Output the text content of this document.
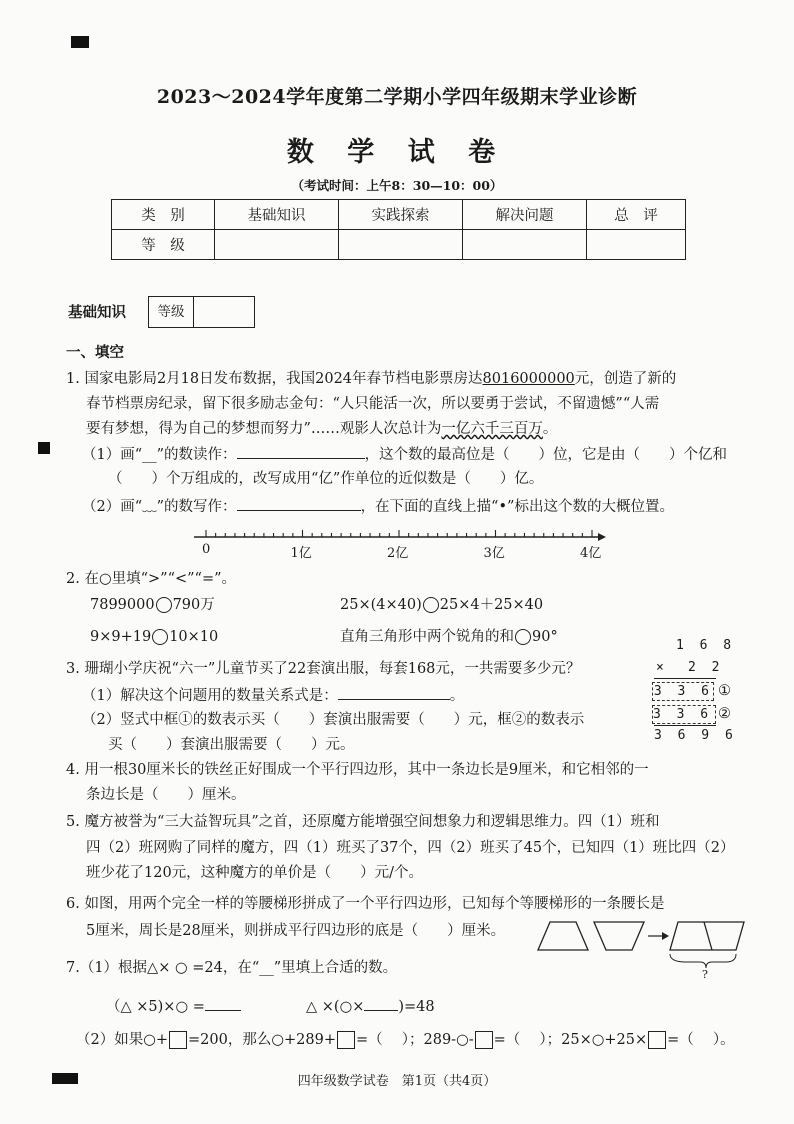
2023～2024学年度第二学期小学四年级期末学业诊断
数 学 试 卷
（考试时间：上午8：30—10：00）
类　别	基础知识	实践探索	解决问题	总　评
等　级				
基础知识	等级
一、填空
1. 国家电影局2月18日发布数据，我国2024年春节档电影票房达8016000000元，创造了新的
春节档票房纪录，留下很多励志金句：“人只能活一次，所以要勇于尝试，不留遗憾”“人需
要有梦想，得为自己的梦想而努力”……观影人次总计为一亿六千三百万。
（1）画“__”的数读作：	，这个数的最高位是（　　）位，它是由（　　）个亿和
（　　）个万组成的，改写成用“亿”作单位的近似数是（　　）亿。
（2）画“﹏”的数写作：	，在下面的直线上描“•”标出这个数的大概位置。
0	1亿	2亿	3亿	4亿
2. 在○里填“>”“<”“=”。
7899000 790万	25×(4×40) 25×4＋25×40
9×9+19 10×10	直角三角形中两个锐角的和 90°
3. 珊瑚小学庆祝“六一”儿童节买了22套演出服，每套168元，一共需要多少元？
（1）解决这个问题用的数量关系式是：	。
（2）竖式中框①的数表示买（　　）套演出服需要（　　）元，框②的数表示
买（　　）套演出服需要（　　）元。
1 6 8
× 2 2
3 3 6 ①
3 3 6 ②
3 6 9 6
4. 用一根30厘米长的铁丝正好围成一个平行四边形，其中一条边长是9厘米，和它相邻的一
条边长是（　　）厘米。
5. 魔方被誉为“三大益智玩具”之首，还原魔方能增强空间想象力和逻辑思维力。四（1）班和
四（2）班网购了同样的魔方，四（1）班买了37个，四（2）班买了45个，已知四（1）班比四（2）
班少花了120元，这种魔方的单价是（　　）元/个。
6. 如图，用两个完全一样的等腰梯形拼成了一个平行四边形，已知每个等腰梯形的一条腰长是
5厘米，周长是28厘米，则拼成平行四边形的底是（　　）厘米。
?
7.（1）根据△× ○ =24，在“__”里填上合适的数。
（△ ×5)×○ =	△ ×(○× )=48
（2）如果○+ =200，那么○+289+ =（　 ）；289-○- =（　 ）；25×○+25× =（　 ）。
四年级数学试卷　第1页（共4页）
